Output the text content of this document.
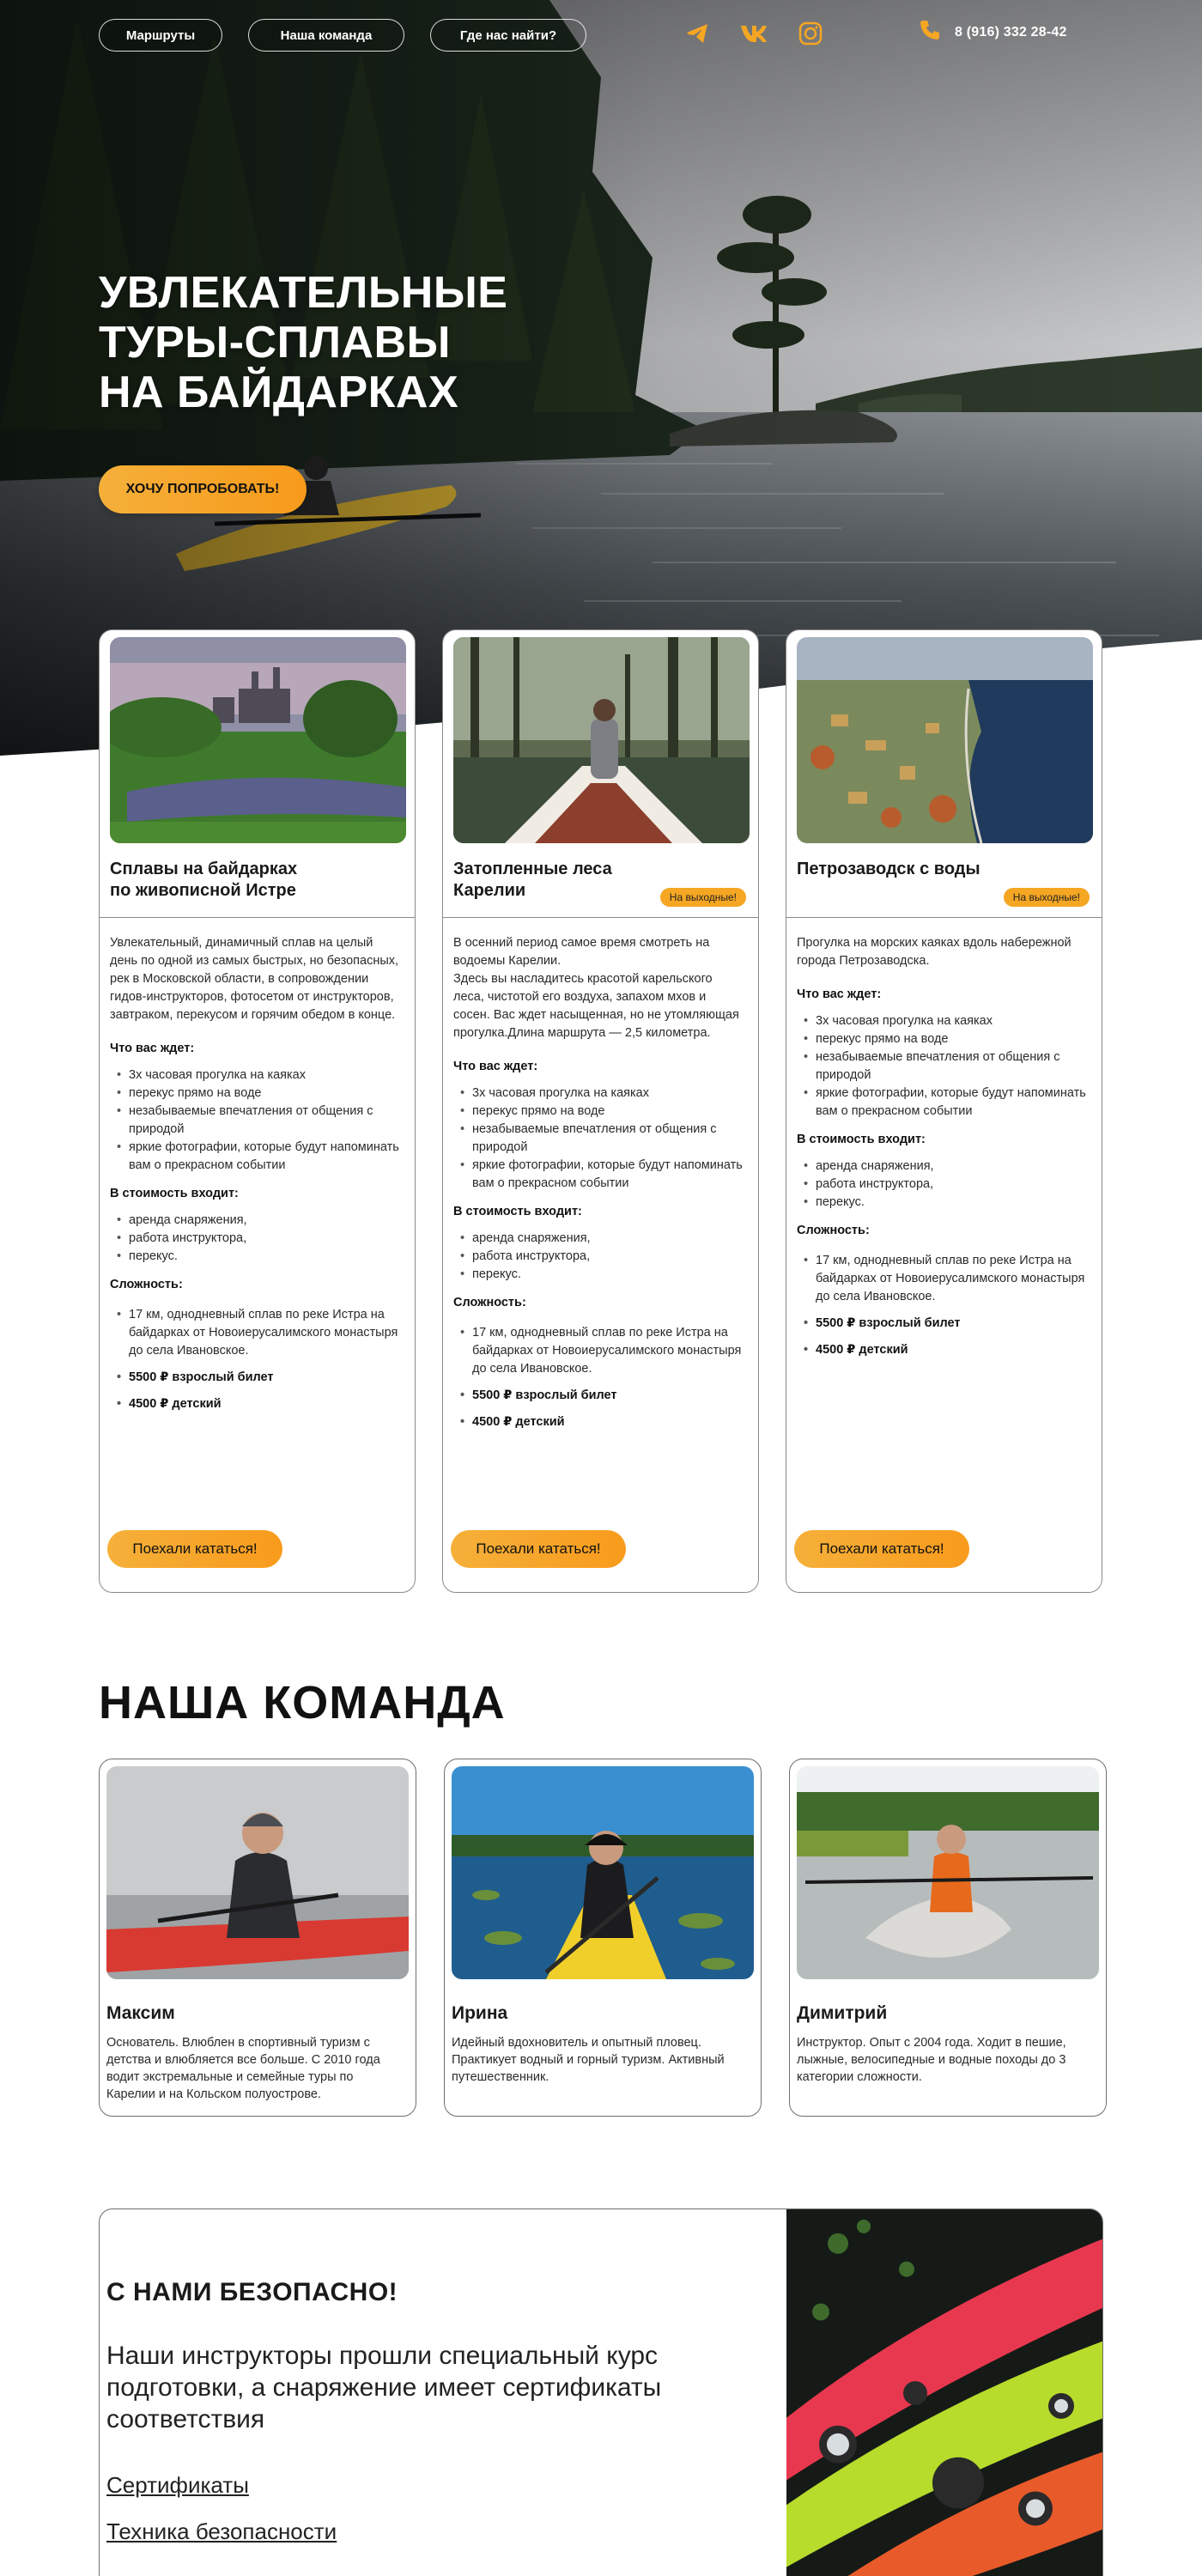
Маршруты	Наша команда	Где нас найти?	8 (916) 332 28-42
УВЛЕКАТЕЛЬНЫЕ
ТУРЫ-СПЛАВЫ
НА БАЙДАРКАХ
ХОЧУ ПОПРОБОВАТЬ!
Сплавы на байдарках
по живописной Истре

Увлекательный, динамичный сплав на целый день по одной из самых быстрых, но безопасных, рек в Московской области, в сопровождении гидов-инструкторов, фотосетом от инструкторов, завтраком, перекусом и горячим обедом в конце.

Что вас ждет:
• 3х часовая прогулка на каяках
• перекус прямо на воде
• незабываемые впечатления от общения с природой
• яркие фотографии, которые будут напоминать вам о прекрасном событии
В стоимость входит:
• аренда снаряжения,
• работа инструктора,
• перекус.
Сложность:
• 17 км, однодневный сплав по реке Истра на байдарках от Новоиерусалимского монастыря до села Ивановское.
• 5500 ₽ взрослый билет
• 4500 ₽ детский
Поехали кататься!
Затопленные леса Карелии	На выходные!

В осенний период самое время смотреть на водоемы Карелии.
Здесь вы насладитесь красотой карельского леса, чистотой его воздуха, запахом мхов и сосен. Вас ждет насыщенная, но не утомляющая прогулка.Длина маршрута — 2,5 километра.

Что вас ждет:
• 3х часовая прогулка на каяках
• перекус прямо на воде
• незабываемые впечатления от общения с природой
• яркие фотографии, которые будут напоминать вам о прекрасном событии
В стоимость входит:
• аренда снаряжения,
• работа инструктора,
• перекус.
Сложность:
• 17 км, однодневный сплав по реке Истра на байдарках от Новоиерусалимского монастыря до села Ивановское.
• 5500 ₽ взрослый билет
• 4500 ₽ детский
Поехали кататься!
Петрозаводск с воды
На выходные!

Прогулка на морских каяках вдоль набережной города Петрозаводска.

Что вас ждет:
• 3х часовая прогулка на каяках
• перекус прямо на воде
• незабываемые впечатления от общения с природой
• яркие фотографии, которые будут напоминать вам о прекрасном событии
В стоимость входит:
• аренда снаряжения,
• работа инструктора,
• перекус.
Сложность:
• 17 км, однодневный сплав по реке Истра на байдарках от Новоиерусалимского монастыря до села Ивановское.
• 5500 ₽ взрослый билет
• 4500 ₽ детский
Поехали кататься!
НАША КОМАНДА
Максим

Основатель. Влюблен в спортивный туризм с детства и влюбляется все больше. С 2010 года водит экстремальные и семейные туры по Карелии и на Кольском полуострове.

Ирина

Идейный вдохновитель и опытный пловец. Практикует водный и горный туризм. Активный путешественник.

Димитрий

Инструктор. Опыт с 2004 года. Ходит в пешие, лыжные, велосипедные и водные походы до 3 категории сложности.

С НАМИ БЕЗОПАСНО!

Наши инструкторы прошли специальный курс подготовки, а снаряжение имеет сертификаты соответствия

Сертификаты
Техника безопасности
